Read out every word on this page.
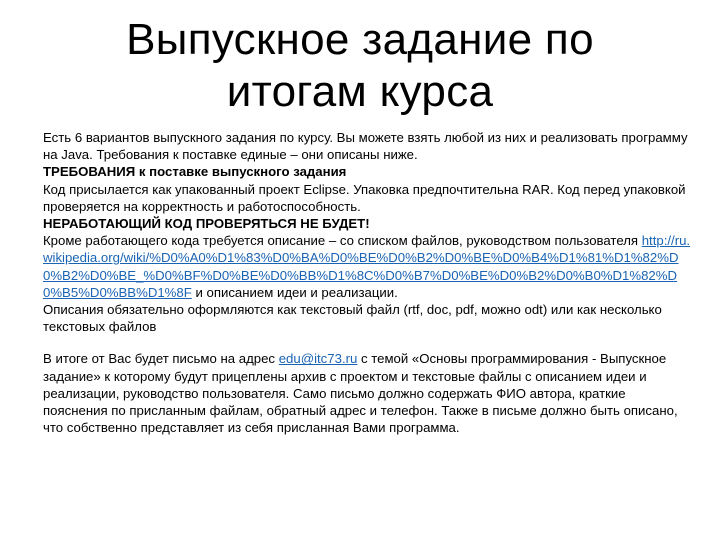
Выпускное задание по
итогам курса

Есть 6 вариантов выпускного задания по курсу. Вы можете взять любой из них и реализовать программу на Java. Требования к поставке единые – они описаны ниже.

ТРЕБОВАНИЯ к поставке выпускного задания

Код присылается как упакованный проект Eclipse. Упаковка предпочтительна RAR. Код перед упаковкой проверяется на корректность и работоспособность.

НЕРАБОТАЮЩИЙ КОД ПРОВЕРЯТЬСЯ НЕ БУДЕТ!

Кроме работающего кода требуется описание – со списком файлов, руководством пользователя http://ru.wikipedia.org/wiki/%D0%A0%D1%83%D0%BA%D0%BE%D0%B2%D0%BE%D0%B4%D1%81%D1%82%D0%B2%D0%BE_%D0%BF%D0%BE%D0%BB%D1%8C%D0%B7%D0%BE%D0%B2%D0%B0%D1%82%D0%B5%D0%BB%D1%8F и описанием идеи и реализации.

Описания обязательно оформляются как текстовый файл (rtf, doc, pdf, можно odt) или как несколько текстовых файлов

В итоге от Вас будет письмо на адрес edu@itc73.ru с темой «Основы программирования - Выпускное задание» к которому будут прицеплены архив с проектом и текстовые файлы с описанием идеи и реализации, руководство пользователя. Само письмо должно содержать ФИО автора, краткие пояснения по присланным файлам, обратный адрес и телефон. Также в письме должно быть описано, что собственно представляет из себя присланная Вами программа.
